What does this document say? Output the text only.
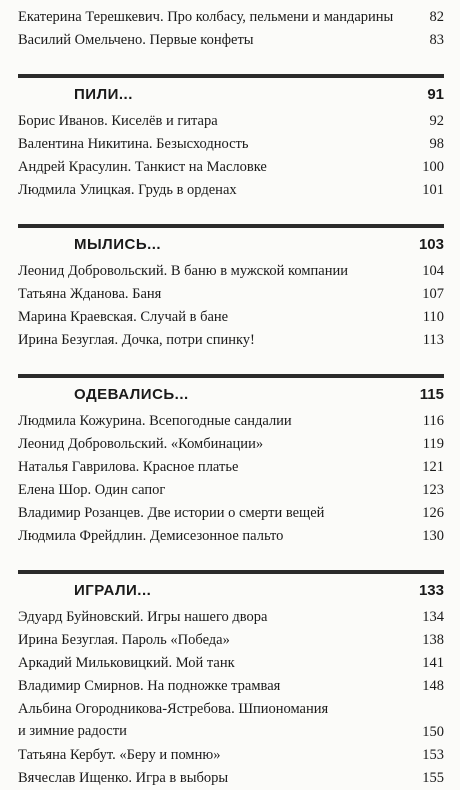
Екатерина Терешкевич. Про колбасу, пельмени и мандарины 82
Василий Омельчено. Первые конфеты	83
ПИЛИ...	91
Борис Иванов. Киселёв и гитара	92
Валентина Никитина. Безысходность	98
Андрей Красулин. Танкист на Масловке	100
Людмила Улицкая. Грудь в орденах	101
МЫЛИСЬ...	103
Леонид Добровольский. В баню в мужской компании	104
Татьяна Жданова. Баня	107
Марина Краевская. Случай в бане	110
Ирина Безуглая. Дочка, потри спинку!	113
ОДЕВАЛИСЬ...	115
Людмила Кожурина. Всепогодные сандалии	116
Леонид Добровольский. «Комбинации»	119
Наталья Гаврилова. Красное платье	121
Елена Шор. Один сапог	123
Владимир Розанцев. Две истории о смерти вещей	126
Людмила Фрейдлин. Демисезонное пальто	130
ИГРАЛИ...	133
Эдуард Буйновский. Игры нашего двора	134
Ирина Безуглая. Пароль «Победа»	138
Аркадий Мильковицкий. Мой танк	141
Владимир Смирнов. На подножке трамвая	148
Альбина Огородникова-Ястребова. Шпиономания
и зимние радости	150
Татьяна Кербут. «Беру и помню»	153
Вячеслав Ищенко. Игра в выборы	155
